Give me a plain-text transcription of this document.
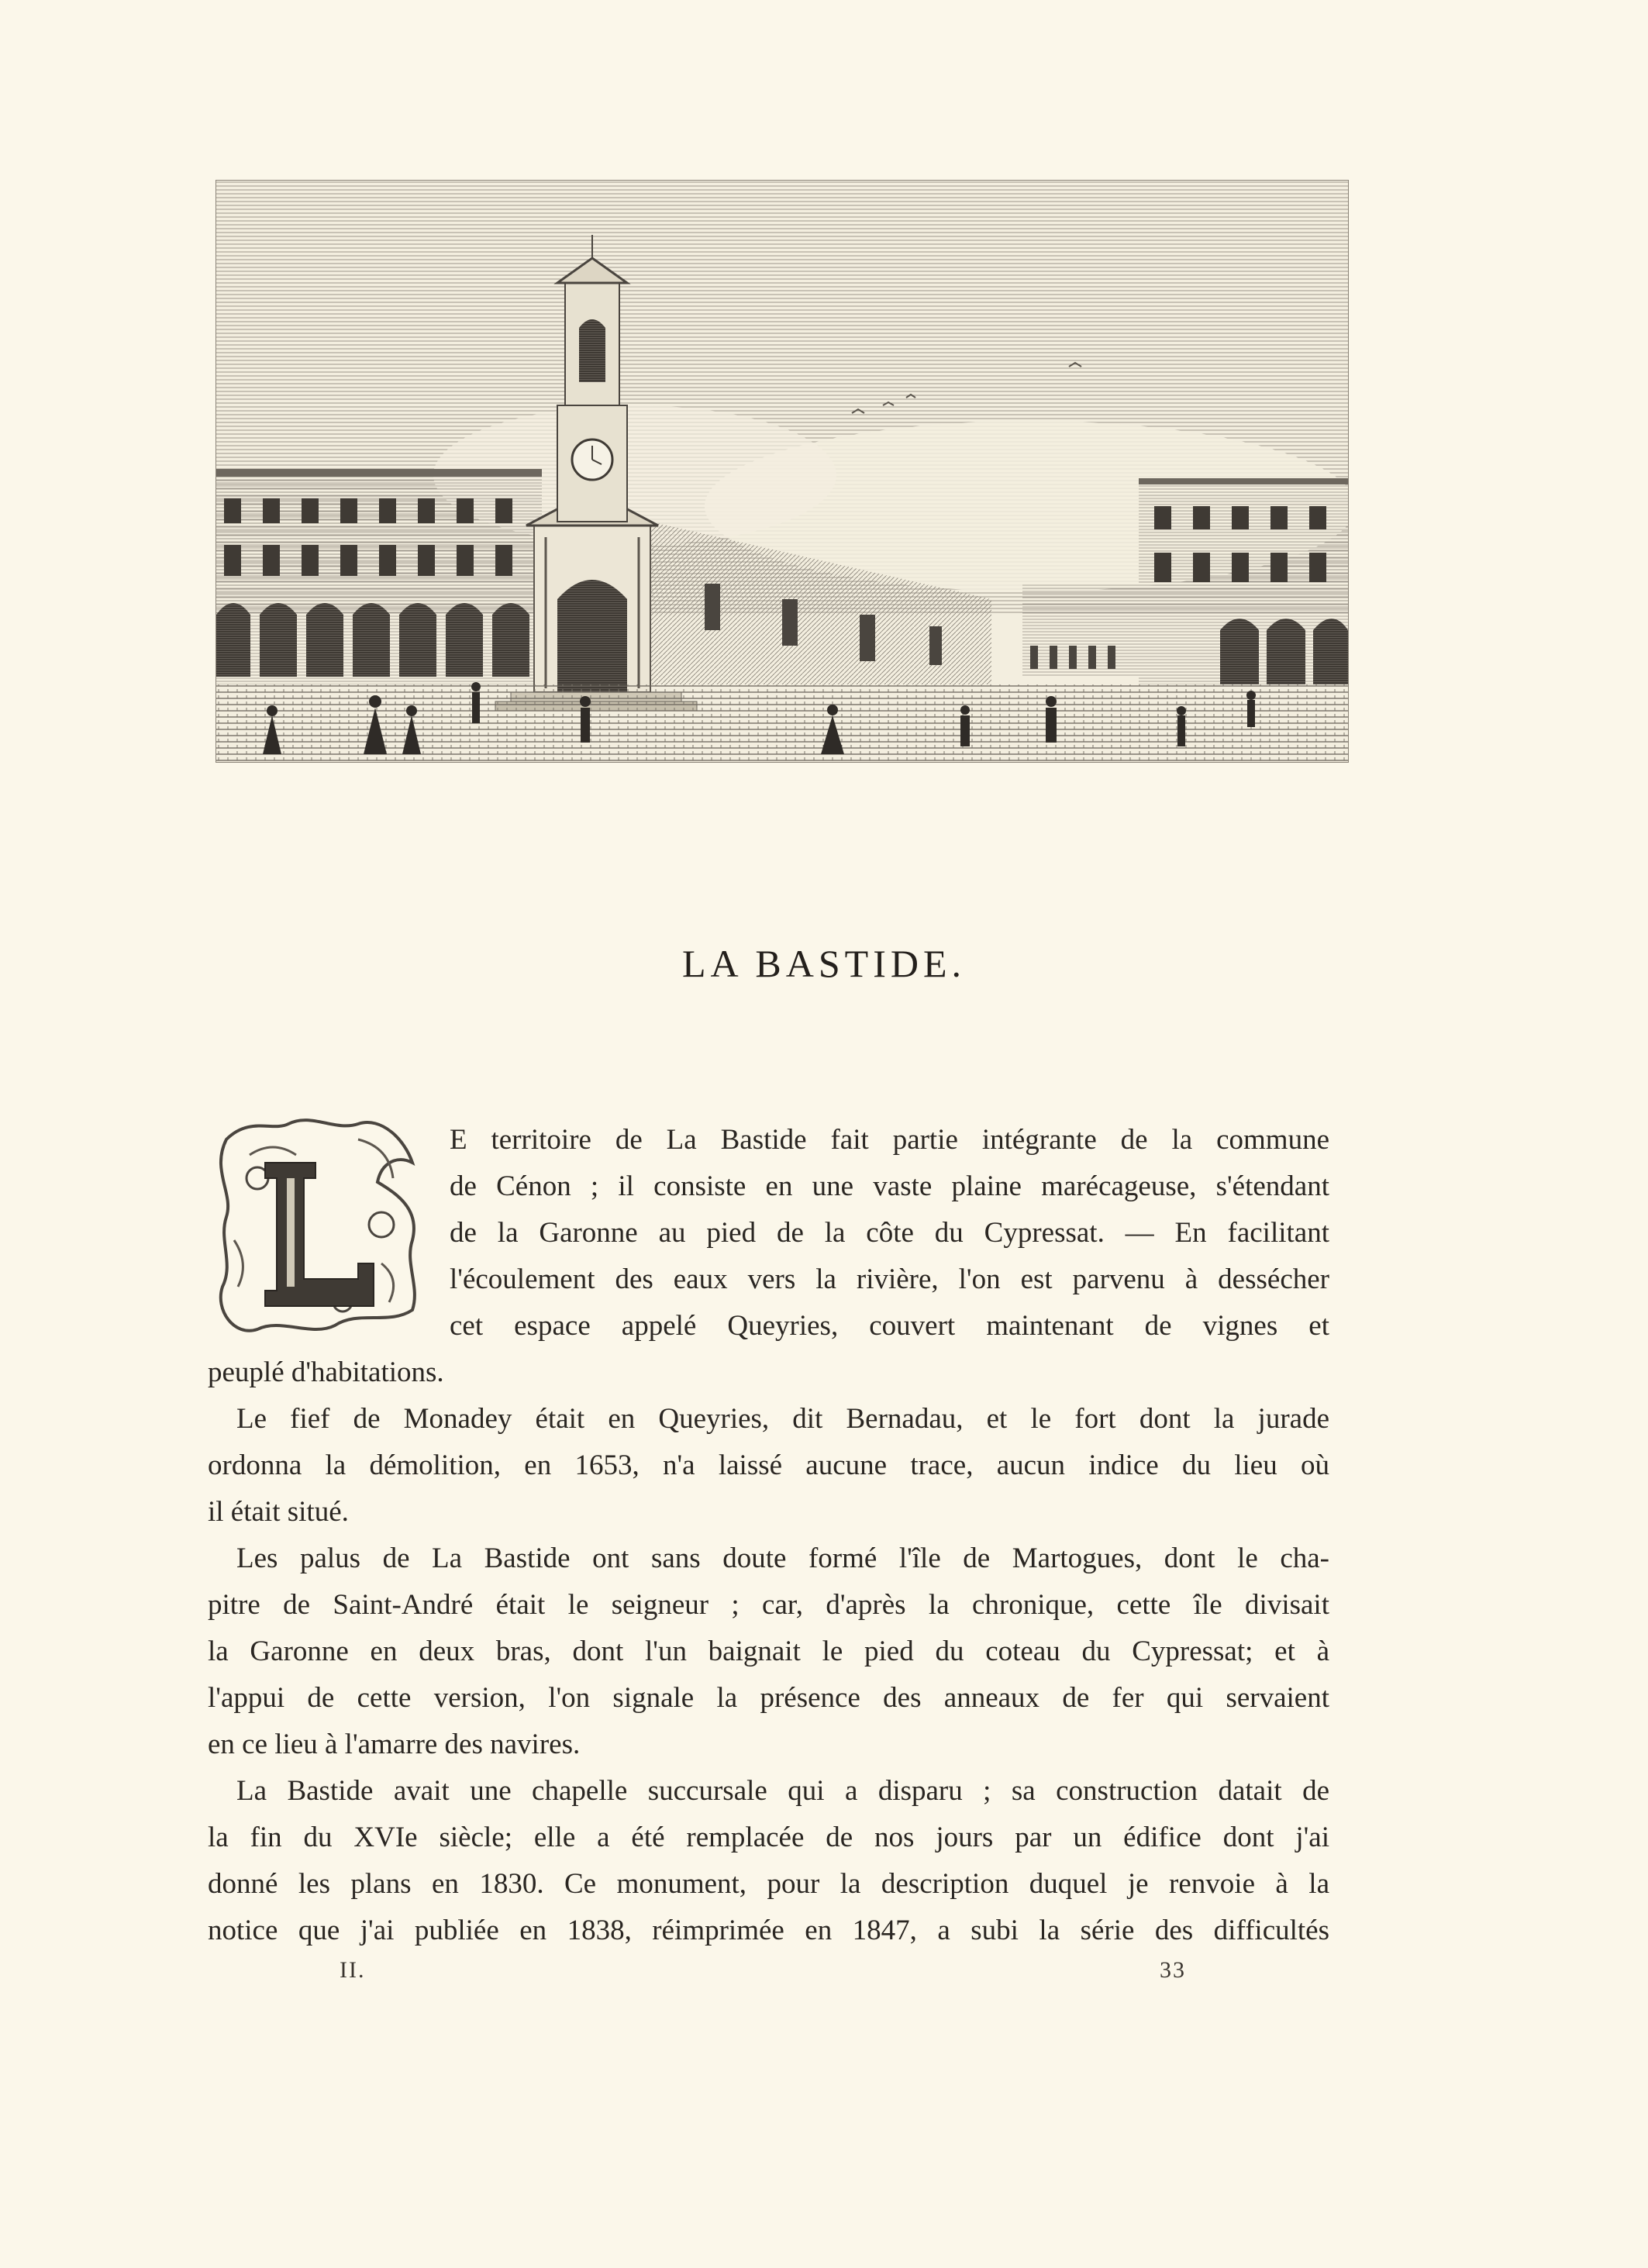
LA BASTIDE.
E territoire de La Bastide fait partie intégrante de la commune
de Cénon ; il consiste en une vaste plaine marécageuse, s'étendant
de la Garonne au pied de la côte du Cypressat. — En facilitant
l'écoulement des eaux vers la rivière, l'on est parvenu à dessécher
cet espace appelé Queyries, couvert maintenant de vignes et
peuplé d'habitations.
Le fief de Monadey était en Queyries, dit Bernadau, et le fort dont la jurade
ordonna la démolition, en 1653, n'a laissé aucune trace, aucun indice du lieu où
il était situé.
Les palus de La Bastide ont sans doute formé l'île de Martogues, dont le cha-
pitre de Saint-André était le seigneur ; car, d'après la chronique, cette île divisait
la Garonne en deux bras, dont l'un baignait le pied du coteau du Cypressat; et à
l'appui de cette version, l'on signale la présence des anneaux de fer qui servaient
en ce lieu à l'amarre des navires.
La Bastide avait une chapelle succursale qui a disparu ; sa construction datait de
la fin du XVIe siècle; elle a été remplacée de nos jours par un édifice dont j'ai
donné les plans en 1830. Ce monument, pour la description duquel je renvoie à la
notice que j'ai publiée en 1838, réimprimée en 1847, a subi la série des difficultés
II.	33
